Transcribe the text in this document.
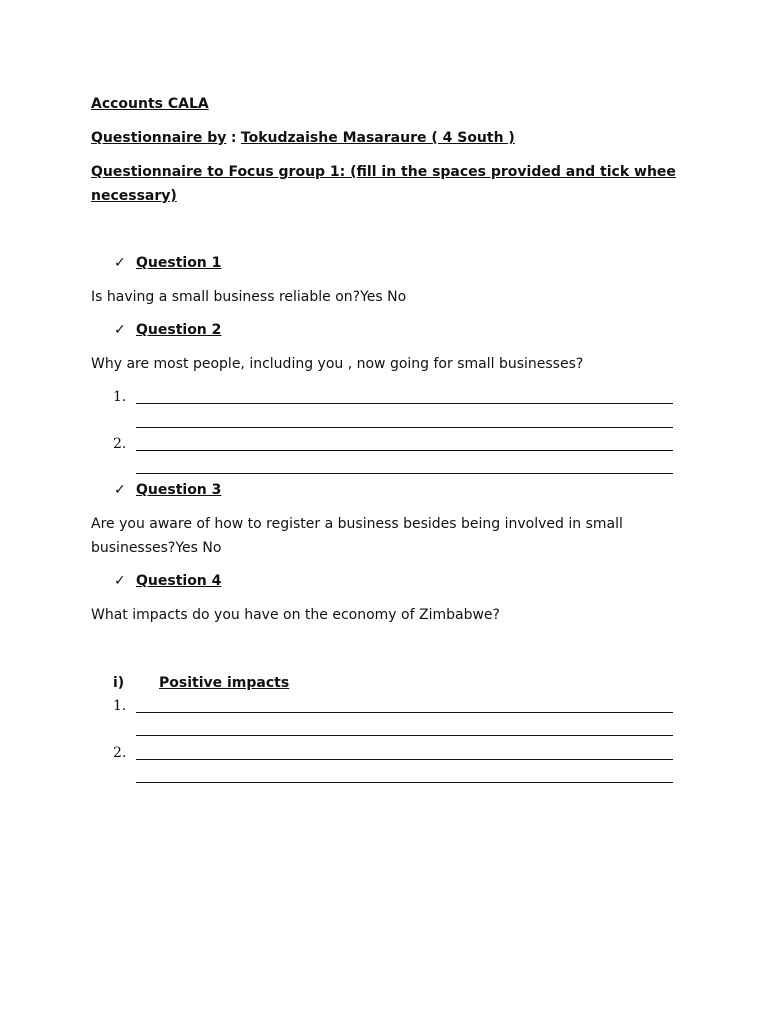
Accounts CALA
Questionnaire by : Tokudzaishe Masaraure ( 4 South )
Questionnaire to Focus group 1: (fill in the spaces provided and tick whee
necessary)
✓ Question 1
Is having a small business reliable on?Yes No
✓ Question 2
Why are most people, including you , now going for small businesses?
1.
2.
✓ Question 3
Are you aware of how to register a business besides being involved in small
businesses?Yes No
✓ Question 4
What impacts do you have on the economy of Zimbabwe?
i) Positive impacts
1.
2.
